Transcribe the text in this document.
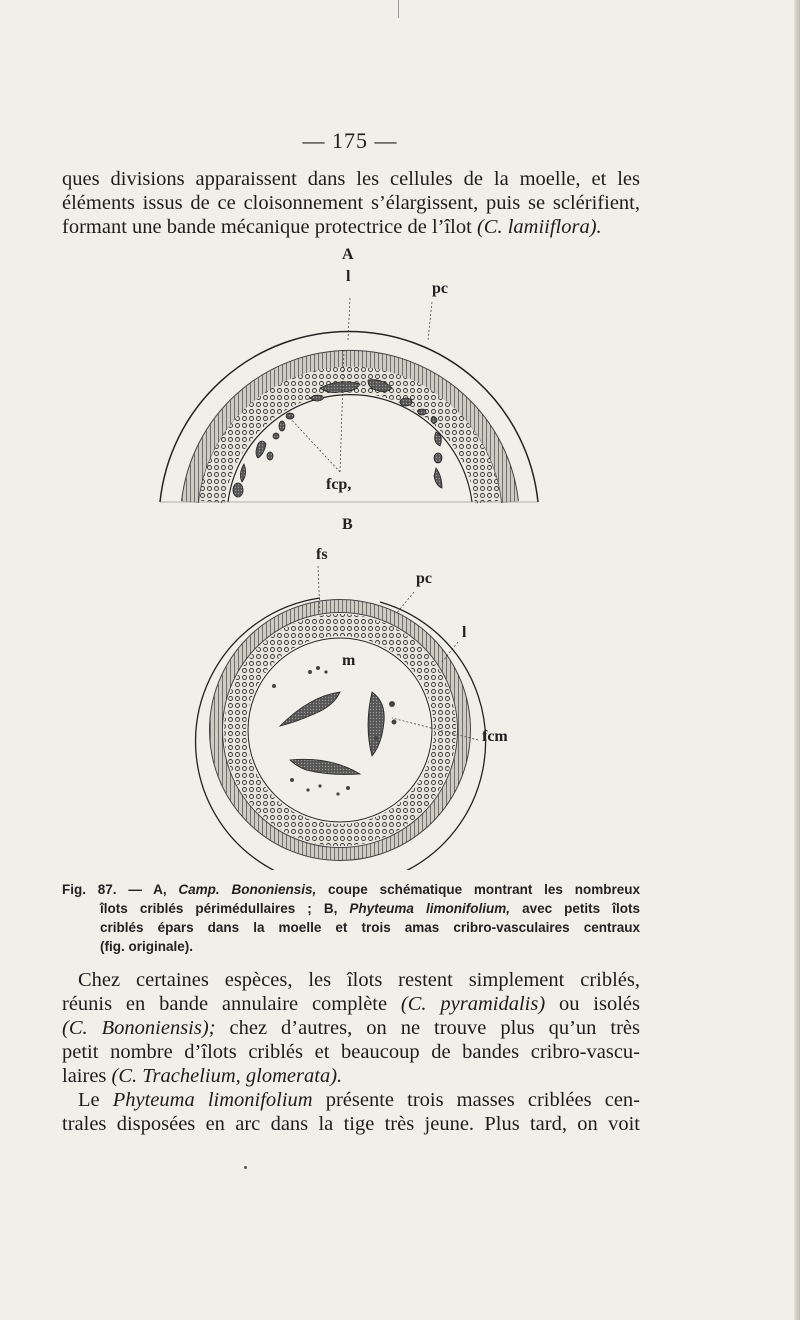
— 175 —
ques divisions apparaissent dans les cellules de la moelle, et les
éléments issus de ce cloisonnement s’élargissent, puis se sclérifient,
formant une bande mécanique protectrice de l’îlot (C. lamiiflora).
A
l
pc
fcp,
B
fs
pc
l
m
fcm
Fig. 87. — A, Camp. Bononiensis, coupe schématique montrant les nombreux
îlots criblés périmédullaires ; B, Phyteuma limonifolium, avec petits îlots
criblés épars dans la moelle et trois amas cribro-vasculaires centraux
(fig. originale).
Chez certaines espèces, les îlots restent simplement criblés,
réunis en bande annulaire complète (C. pyramidalis) ou isolés
(C. Bononiensis); chez d’autres, on ne trouve plus qu’un très
petit nombre d’îlots criblés et beaucoup de bandes cribro-vascu-
laires (C. Trachelium, glomerata).
Le Phyteuma limonifolium présente trois masses criblées cen-
trales disposées en arc dans la tige très jeune. Plus tard, on voit
